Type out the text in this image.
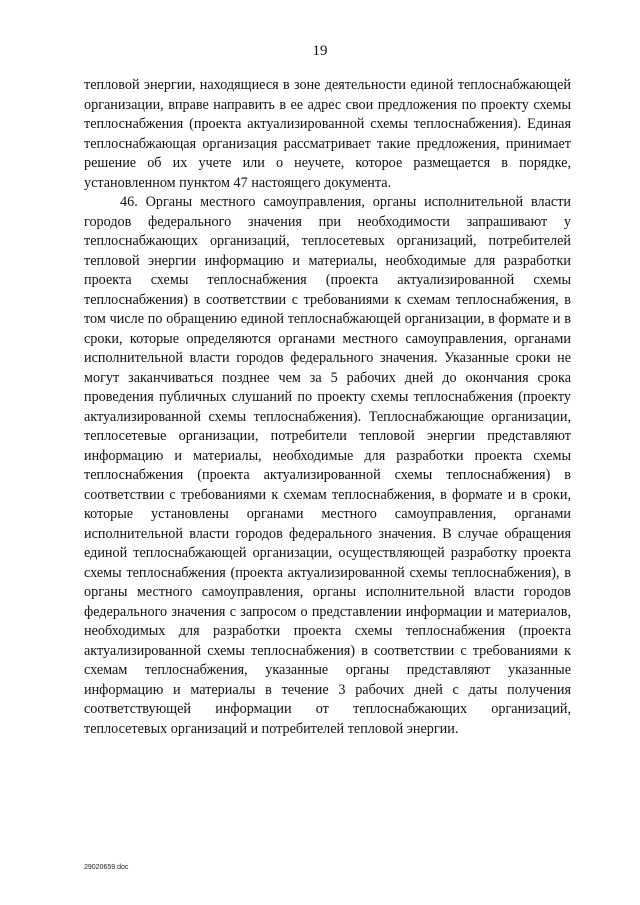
19

тепловой энергии, находящиеся в зоне деятельности единой теплоснабжающей организации, вправе направить в ее адрес свои предложения по проекту схемы теплоснабжения (проекта актуализированной схемы теплоснабжения). Единая теплоснабжающая организация рассматривает такие предложения, принимает решение об их учете или о неучете, которое размещается в порядке, установленном пунктом 47 настоящего документа.

46. Органы местного самоуправления, органы исполнительной власти городов федерального значения при необходимости запрашивают у теплоснабжающих организаций, теплосетевых организаций, потребителей тепловой энергии информацию и материалы, необходимые для разработки проекта схемы теплоснабжения (проекта актуализированной схемы теплоснабжения) в соответствии с требованиями к схемам теплоснабжения, в том числе по обращению единой теплоснабжающей организации, в формате и в сроки, которые определяются органами местного самоуправления, органами исполнительной власти городов федерального значения. Указанные сроки не могут заканчиваться позднее чем за 5 рабочих дней до окончания срока проведения публичных слушаний по проекту схемы теплоснабжения (проекту актуализированной схемы теплоснабжения). Теплоснабжающие организации, теплосетевые организации, потребители тепловой энергии представляют информацию и материалы, необходимые для разработки проекта схемы теплоснабжения (проекта актуализированной схемы теплоснабжения) в соответствии с требованиями к схемам теплоснабжения, в формате и в сроки, которые установлены органами местного самоуправления, органами исполнительной власти городов федерального значения. В случае обращения единой теплоснабжающей организации, осуществляющей разработку проекта схемы теплоснабжения (проекта актуализированной схемы теплоснабжения), в органы местного самоуправления, органы исполнительной власти городов федерального значения с запросом о представлении информации и материалов, необходимых для разработки проекта схемы теплоснабжения (проекта актуализированной схемы теплоснабжения) в соответствии с требованиями к схемам теплоснабжения, указанные органы представляют указанные информацию и материалы в течение 3 рабочих дней с даты получения соответствующей информации от теплоснабжающих организаций, теплосетевых организаций и потребителей тепловой энергии.

29020659.doc
